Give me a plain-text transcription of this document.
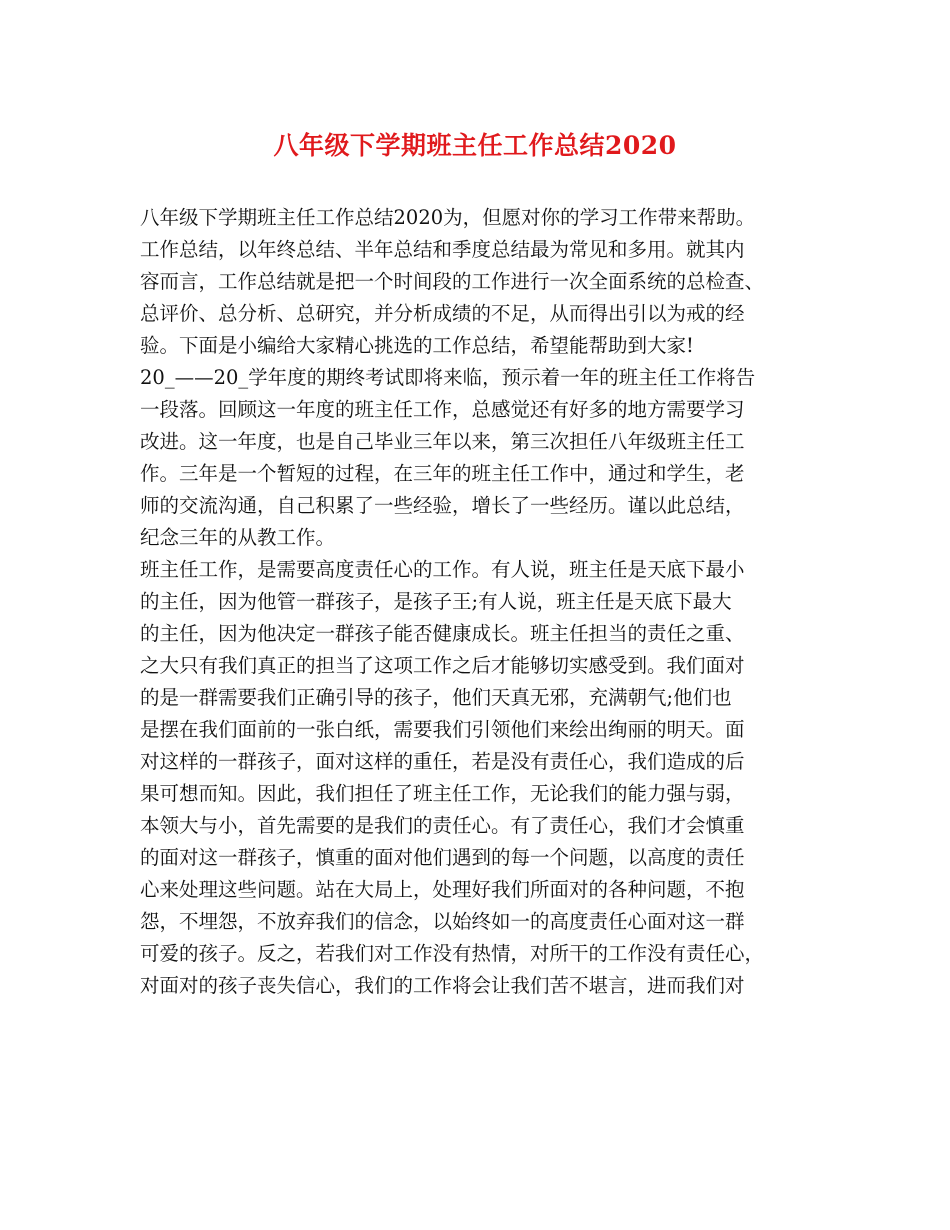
八年级下学期班主任工作总结2020
八年级下学期班主任工作总结2020为，但愿对你的学习工作带来帮助。
工作总结，以年终总结、半年总结和季度总结最为常见和多用。就其内
容而言，工作总结就是把一个时间段的工作进行一次全面系统的总检查、
总评价、总分析、总研究，并分析成绩的不足，从而得出引以为戒的经
验。下面是小编给大家精心挑选的工作总结，希望能帮助到大家!
20_——20_学年度的期终考试即将来临，预示着一年的班主任工作将告
一段落。回顾这一年度的班主任工作，总感觉还有好多的地方需要学习
改进。这一年度，也是自己毕业三年以来，第三次担任八年级班主任工
作。三年是一个暂短的过程，在三年的班主任工作中，通过和学生，老
师的交流沟通，自己积累了一些经验，增长了一些经历。谨以此总结，
纪念三年的从教工作。
班主任工作，是需要高度责任心的工作。有人说，班主任是天底下最小
的主任，因为他管一群孩子，是孩子王;有人说，班主任是天底下最大
的主任，因为他决定一群孩子能否健康成长。班主任担当的责任之重、
之大只有我们真正的担当了这项工作之后才能够切实感受到。我们面对
的是一群需要我们正确引导的孩子，他们天真无邪，充满朝气;他们也
是摆在我们面前的一张白纸，需要我们引领他们来绘出绚丽的明天。面
对这样的一群孩子，面对这样的重任，若是没有责任心，我们造成的后
果可想而知。因此，我们担任了班主任工作，无论我们的能力强与弱，
本领大与小，首先需要的是我们的责任心。有了责任心，我们才会慎重
的面对这一群孩子，慎重的面对他们遇到的每一个问题，以高度的责任
心来处理这些问题。站在大局上，处理好我们所面对的各种问题，不抱
怨，不埋怨，不放弃我们的信念，以始终如一的高度责任心面对这一群
可爱的孩子。反之，若我们对工作没有热情，对所干的工作没有责任心，
对面对的孩子丧失信心，我们的工作将会让我们苦不堪言，进而我们对
